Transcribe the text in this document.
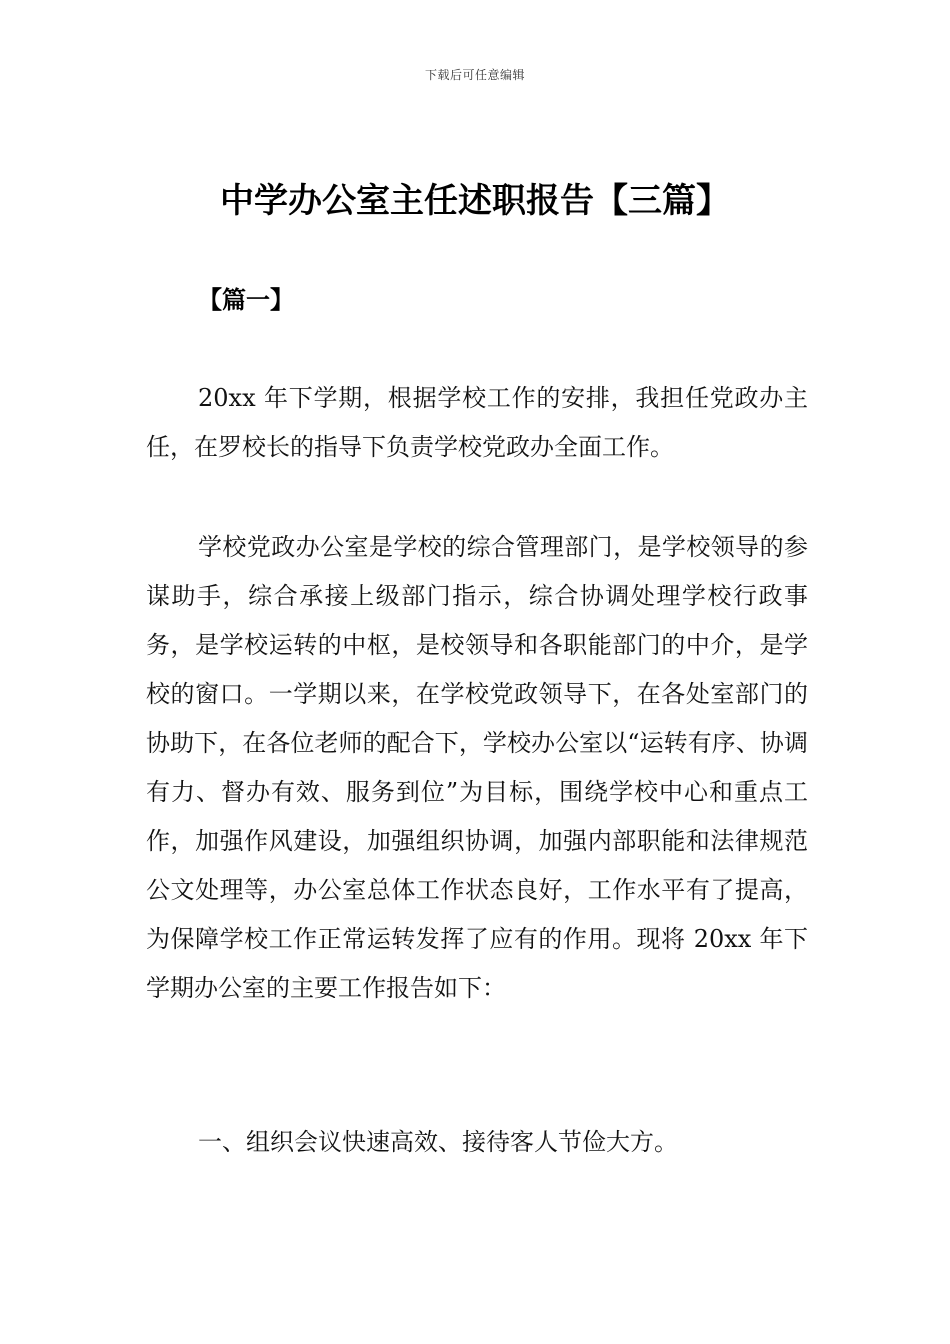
下载后可任意编辑
中学办公室主任述职报告【三篇】
【篇一】

20xx 年下学期，根据学校工作的安排，我担任党政办主任，在罗校长的指导下负责学校党政办全面工作。

学校党政办公室是学校的综合管理部门，是学校领导的参谋助手，综合承接上级部门指示，综合协调处理学校行政事务，是学校运转的中枢，是校领导和各职能部门的中介，是学校的窗口。一学期以来，在学校党政领导下，在各处室部门的协助下，在各位老师的配合下，学校办公室以“运转有序、协调有力、督办有效、服务到位”为目标，围绕学校中心和重点工作，加强作风建设，加强组织协调，加强内部职能和法律规范公文处理等，办公室总体工作状态良好，工作水平有了提高，为保障学校工作正常运转发挥了应有的作用。现将 20xx 年下学期办公室的主要工作报告如下：

一、组织会议快速高效、接待客人节俭大方。
